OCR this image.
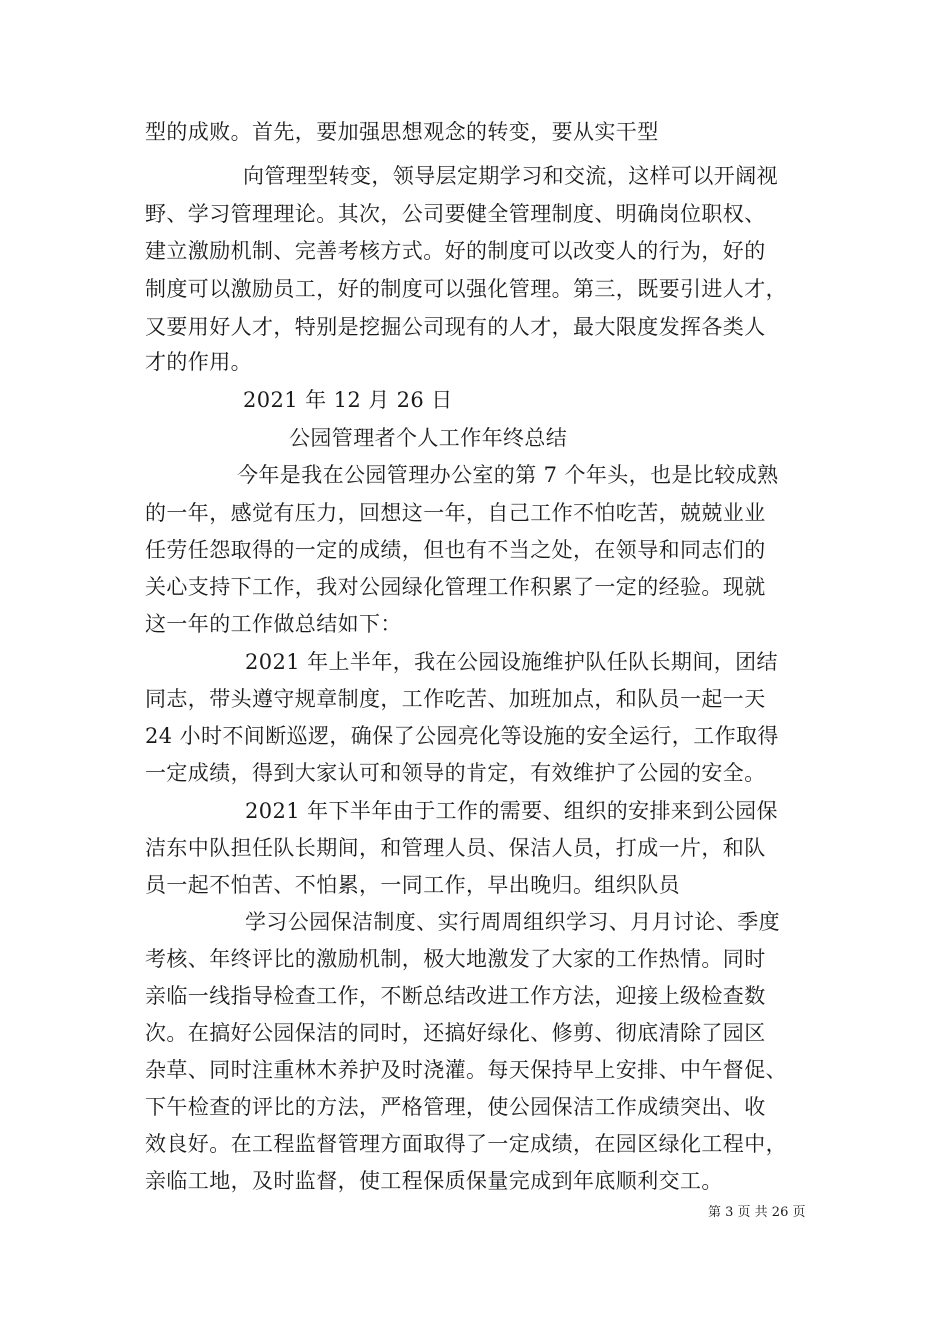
型的成败。首先，要加强思想观念的转变，要从实干型
向管理型转变，领导层定期学习和交流，这样可以开阔视
野、学习管理理论。其次，公司要健全管理制度、明确岗位职权、
建立激励机制、完善考核方式。好的制度可以改变人的行为，好的
制度可以激励员工，好的制度可以强化管理。第三，既要引进人才，
又要用好人才，特别是挖掘公司现有的人才，最大限度发挥各类人
才的作用。
2021 年 12 月 26 日
公园管理者个人工作年终总结
今年是我在公园管理办公室的第 7 个年头，也是比较成熟
的一年，感觉有压力，回想这一年，自己工作不怕吃苦，兢兢业业
任劳任怨取得的一定的成绩，但也有不当之处，在领导和同志们的
关心支持下工作，我对公园绿化管理工作积累了一定的经验。现就
这一年的工作做总结如下：
2021 年上半年，我在公园设施维护队任队长期间，团结
同志，带头遵守规章制度，工作吃苦、加班加点，和队员一起一天
24 小时不间断巡逻，确保了公园亮化等设施的安全运行，工作取得
一定成绩，得到大家认可和领导的肯定，有效维护了公园的安全。
2021 年下半年由于工作的需要、组织的安排来到公园保
洁东中队担任队长期间，和管理人员、保洁人员，打成一片，和队
员一起不怕苦、不怕累，一同工作，早出晚归。组织队员
学习公园保洁制度、实行周周组织学习、月月讨论、季度
考核、年终评比的激励机制，极大地激发了大家的工作热情。同时
亲临一线指导检查工作，不断总结改进工作方法，迎接上级检查数
次。在搞好公园保洁的同时，还搞好绿化、修剪、彻底清除了园区
杂草、同时注重林木养护及时浇灌。每天保持早上安排、中午督促、
下午检查的评比的方法，严格管理，使公园保洁工作成绩突出、收
效良好。在工程监督管理方面取得了一定成绩，在园区绿化工程中，
亲临工地，及时监督，使工程保质保量完成到年底顺利交工。
第 3 页 共 26 页
